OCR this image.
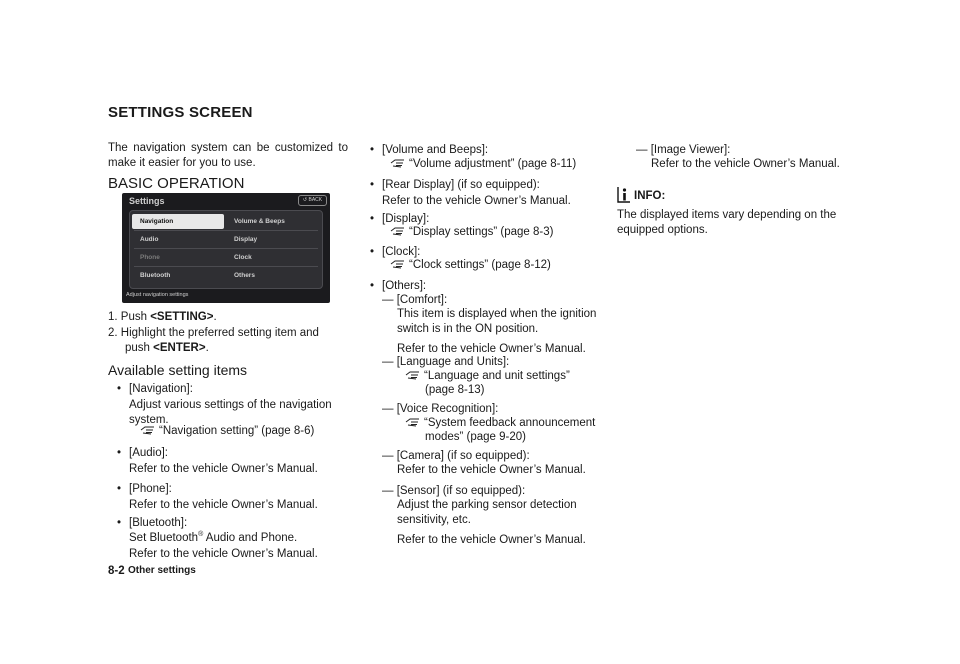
SETTINGS SCREEN
The navigation system can be customized to make it easier for you to use.
BASIC OPERATION
Settings	↺ BACK
Navigation
Audio
Phone
Bluetooth
Volume & Beeps
Display
Clock
Others
Adjust navigation settings
1. Push <SETTING>.
2. Highlight the preferred setting item and
push <ENTER>.
Available setting items
• [Navigation]:
Adjust various settings of the navigation
system.
“Navigation setting” (page 8-6)
• [Audio]:
Refer to the vehicle Owner’s Manual.
• [Phone]:
Refer to the vehicle Owner’s Manual.
• [Bluetooth]:
Set Bluetooth® Audio and Phone.
Refer to the vehicle Owner’s Manual.
• [Volume and Beeps]:
“Volume adjustment” (page 8-11)
• [Rear Display] (if so equipped):
Refer to the vehicle Owner’s Manual.
• [Display]:
“Display settings” (page 8-3)
• [Clock]:
“Clock settings” (page 8-12)
• [Others]:
— [Comfort]:
This item is displayed when the ignition
switch is in the ON position.
Refer to the vehicle Owner’s Manual.
— [Language and Units]:
“Language and unit settings”
(page 8-13)
— [Voice Recognition]:
“System feedback announcement
modes” (page 9-20)
— [Camera] (if so equipped):
Refer to the vehicle Owner’s Manual.
— [Sensor] (if so equipped):
Adjust the parking sensor detection
sensitivity, etc.
Refer to the vehicle Owner’s Manual.
— [Image Viewer]:
Refer to the vehicle Owner’s Manual.
INFO:
The displayed items vary depending on the
equipped options.
8-2 Other settings
